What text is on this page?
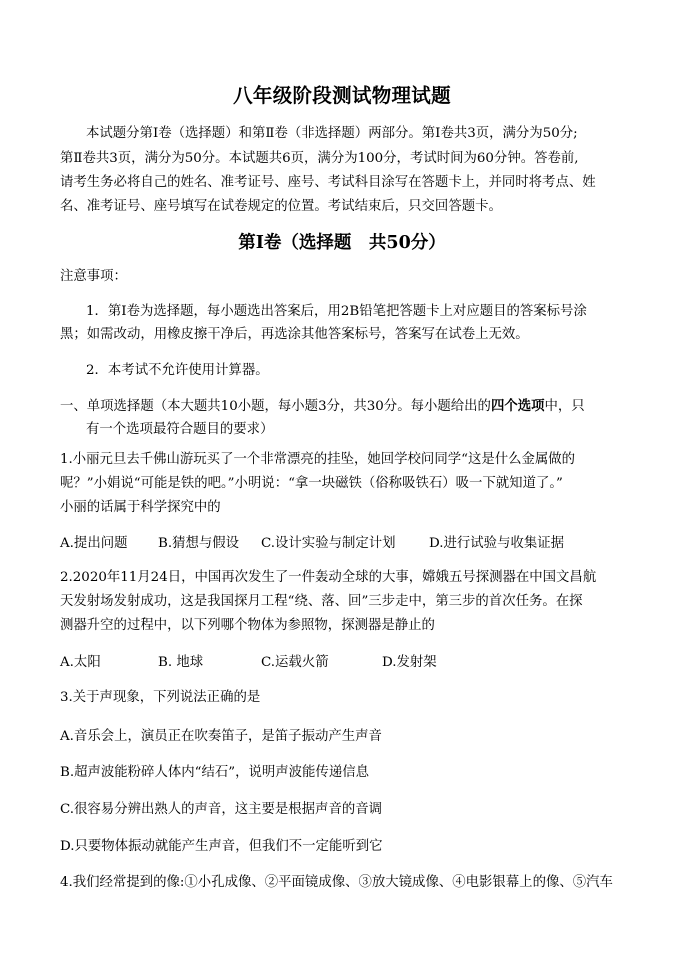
八年级阶段测试物理试题
本试题分第Ⅰ卷（选择题）和第Ⅱ卷（非选择题）两部分。第Ⅰ卷共3页，满分为50分;
第Ⅱ卷共3页，满分为50分。本试题共6页，满分为100分，考试时间为60分钟。答卷前,
请考生务必将自己的姓名、准考证号、座号、考试科目涂写在答题卡上，并同时将考点、姓
名、准考证号、座号填写在试卷规定的位置。考试结束后，只交回答题卡。
第Ⅰ卷（选择题　共50分）
注意事项：
1．第Ⅰ卷为选择题，每小题选出答案后，用2B铅笔把答题卡上对应题目的答案标号涂
黑；如需改动，用橡皮擦干净后，再选涂其他答案标号，答案写在试卷上无效。
2．本考试不允许使用计算器。
一、单项选择题（本大题共10小题，每小题3分，共30分。每小题给出的四个选项中，只
有一个选项最符合题目的要求）
1.小丽元旦去千佛山游玩买了一个非常漂亮的挂坠，她回学校问同学“这是什么金属做的
呢？”小娟说“可能是铁的吧。”小明说：“拿一块磁铁（俗称吸铁石）吸一下就知道了。”
小丽的话属于科学探究中的
A.提出问题 B.猜想与假设 C.设计实验与制定计划 D.进行试验与收集证据
2.2020年11月24日，中国再次发生了一件轰动全球的大事，嫦娥五号探测器在中国文昌航
天发射场发射成功，这是我国探月工程“绕、落、回”三步走中，第三步的首次任务。在探
测器升空的过程中，以下列哪个物体为参照物，探测器是静止的
A.太阳	B. 地球	C.运载火箭	D.发射架
3.关于声现象，下列说法正确的是
A.音乐会上，演员正在吹奏笛子，是笛子振动产生声音
B.超声波能粉碎人体内“结石”，说明声波能传递信息
C.很容易分辨出熟人的声音，这主要是根据声音的音调
D.只要物体振动就能产生声音，但我们不一定能听到它
4.我们经常提到的像:①小孔成像、②平面镜成像、③放大镜成像、④电影银幕上的像、⑤汽车
